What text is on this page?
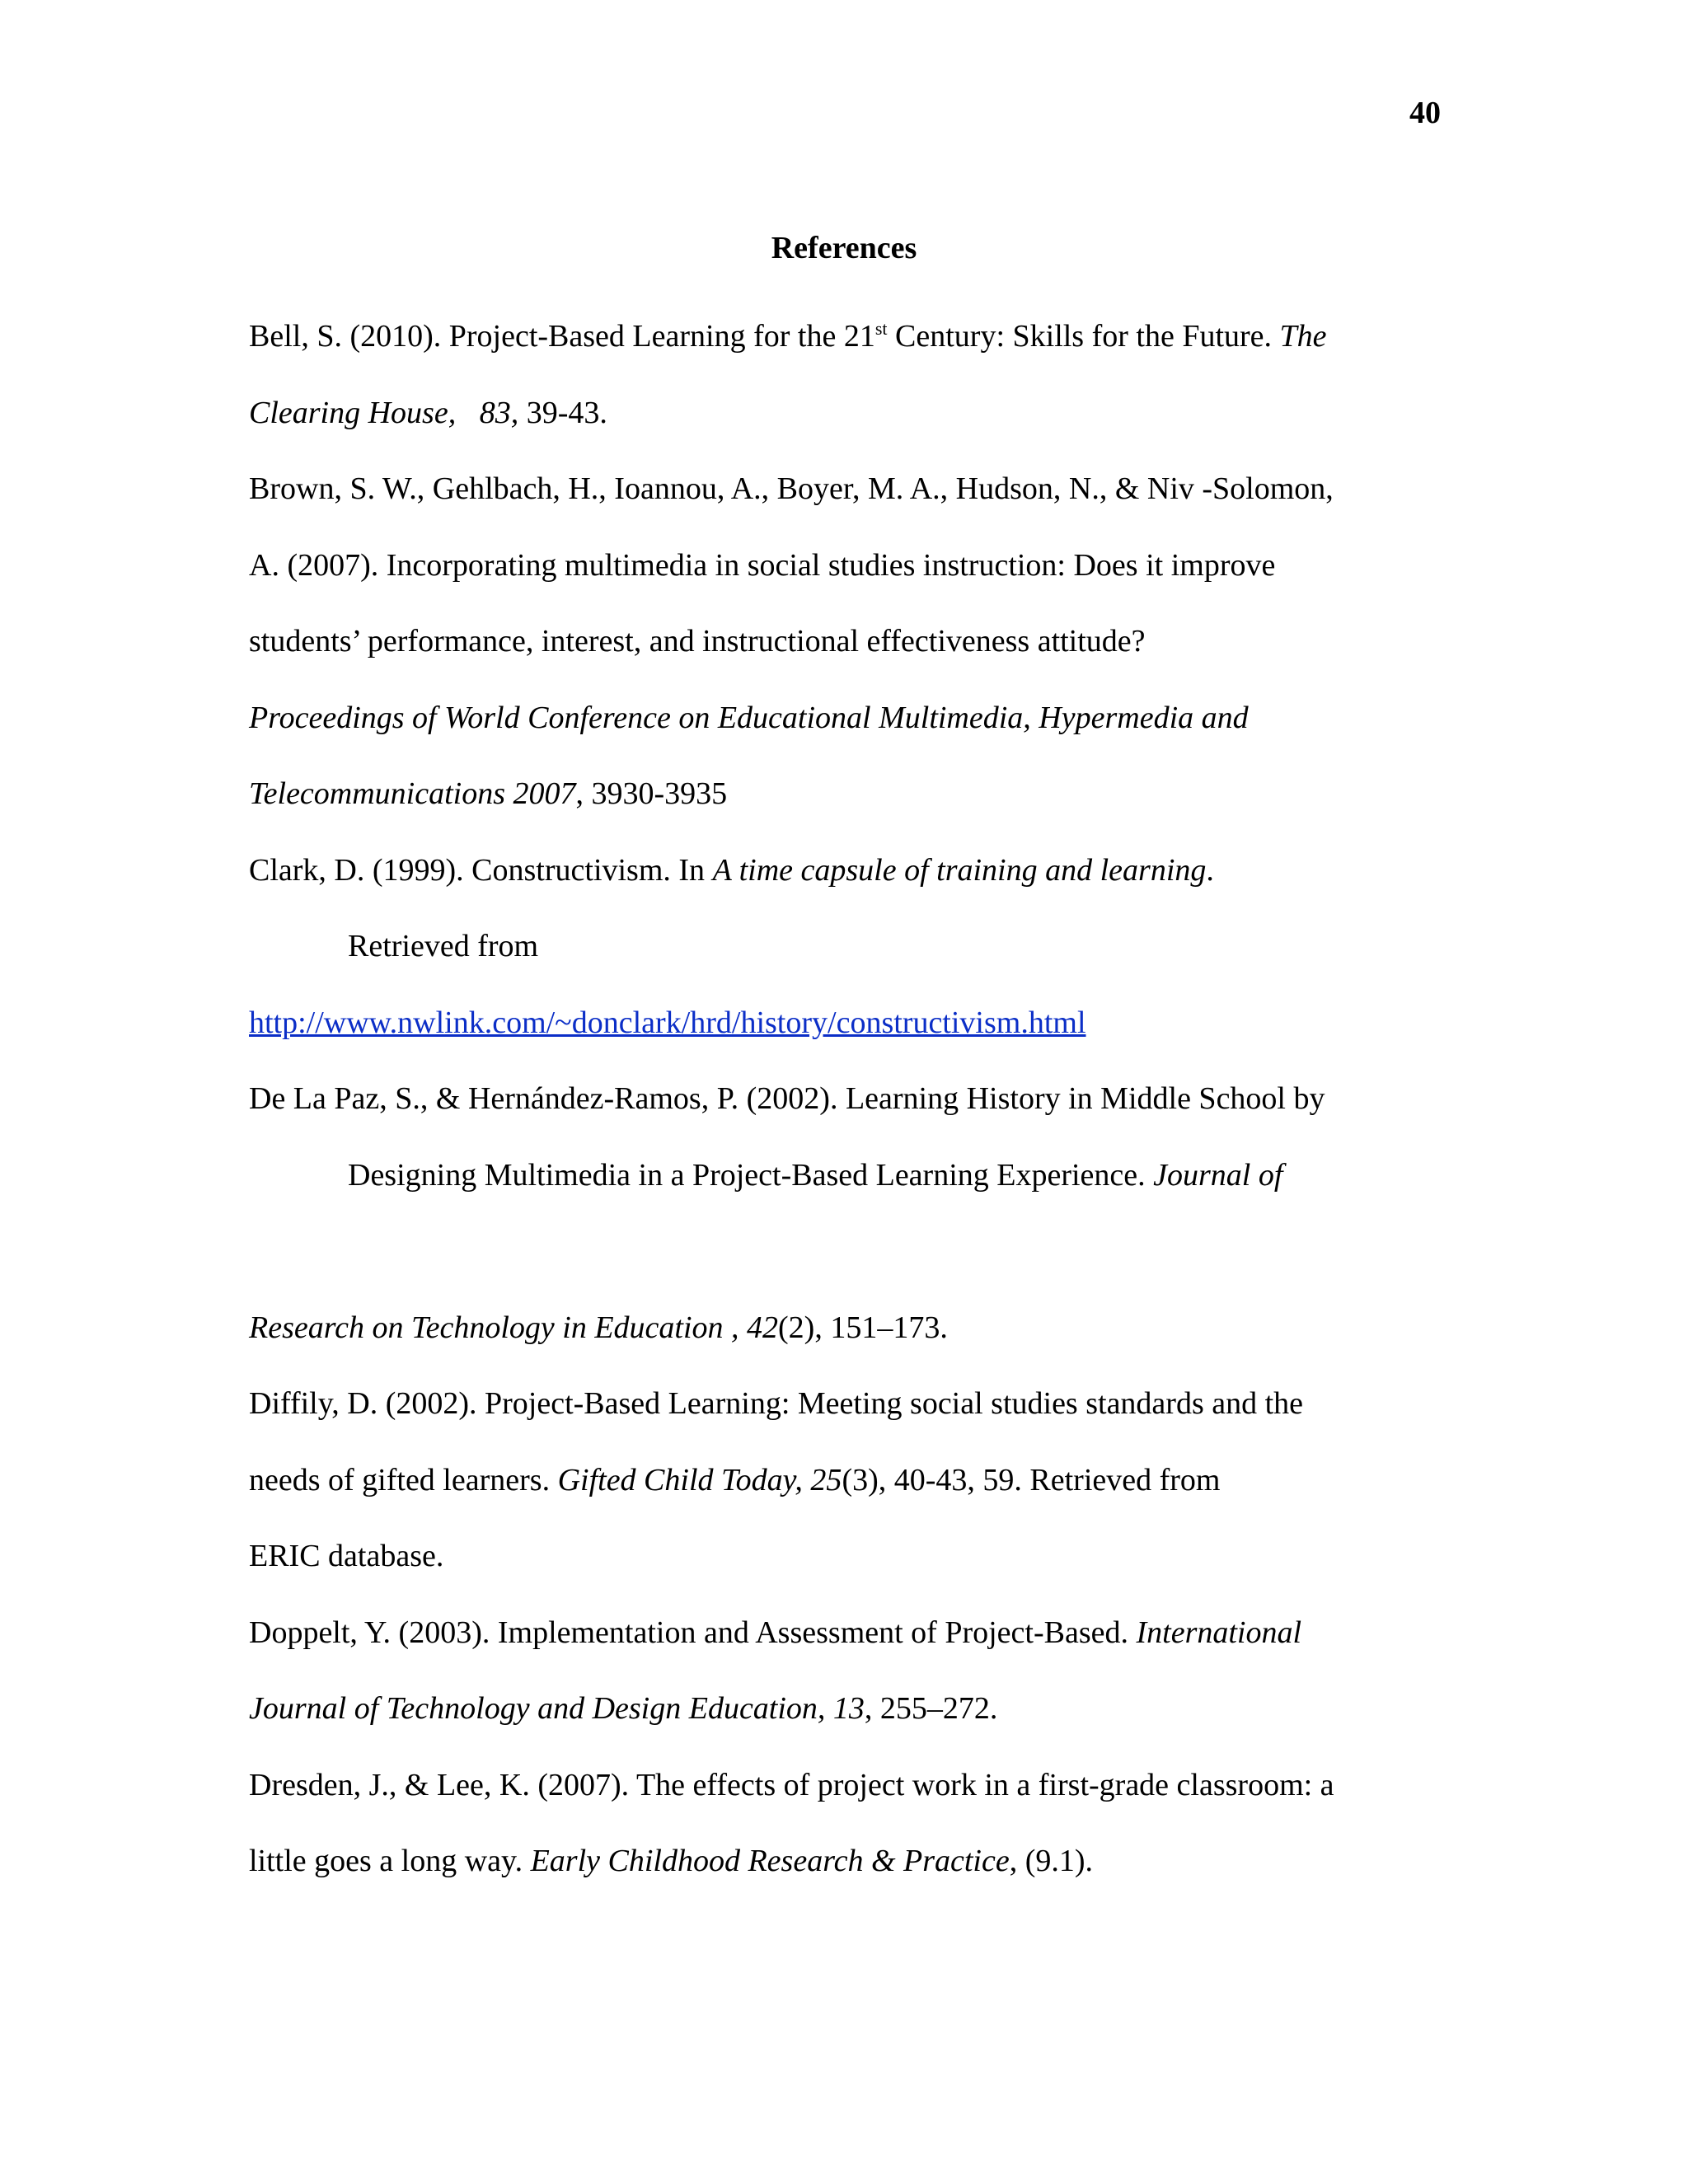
40
References

Bell, S. (2010). Project-Based Learning for the 21st Century: Skills for the Future. The
Clearing House,   83, 39-43.

Brown, S. W., Gehlbach, H., Ioannou, A., Boyer, M. A., Hudson, N., & Niv -Solomon,
A. (2007). Incorporating multimedia in social studies instruction: Does it improve
students’ performance, interest, and instructional effectiveness attitude?
Proceedings of World Conference on Educational Multimedia, Hypermedia and
Telecommunications 2007, 3930-3935

Clark, D. (1999). Constructivism. In A time capsule of training and learning.
Retrieved from
http://www.nwlink.com/~donclark/hrd/history/constructivism.html

De La Paz, S., & Hernández-Ramos, P. (2002). Learning History in Middle School by
Designing Multimedia in a Project-Based Learning Experience. Journal of
Research on Technology in Education , 42(2), 151–173.

Diffily, D. (2002). Project-Based Learning: Meeting social studies standards and the
needs of gifted learners. Gifted Child Today, 25(3), 40-43, 59. Retrieved from
ERIC database.

Doppelt, Y. (2003). Implementation and Assessment of Project-Based. International
Journal of Technology and Design Education, 13, 255–272.

Dresden, J., & Lee, K. (2007). The effects of project work in a first-grade classroom: a
little goes a long way. Early Childhood Research & Practice, (9.1).
